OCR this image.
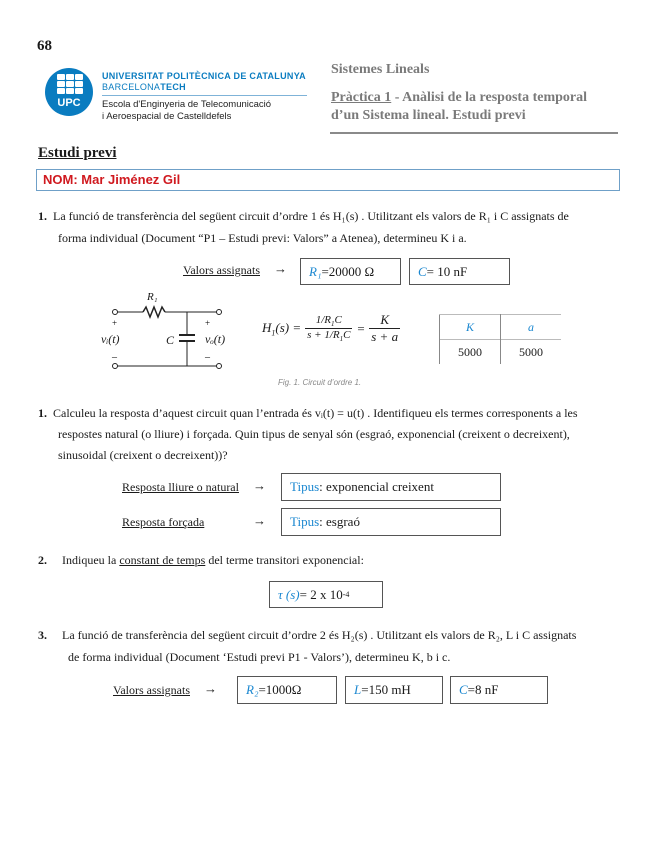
68
UPC
UNIVERSITAT POLITÈCNICA DE CATALUNYA
BARCELONATECH
Escola d'Enginyeria de Telecomunicació
i Aeroespacial de Castelldefels
Sistemes Lineals
Pràctica 1 - Anàlisi de la resposta temporal
d’un Sistema lineal. Estudi previ
Estudi previ
NOM: Mar Jiménez Gil
1. La funció de transferència del següent circuit d’ordre 1 és H₁(s) . Utilitzant els valors de R₁ i C assignats de
forma individual (Document “P1 – Estudi previ: Valors” a Atenea), determineu K i a.
Valors assignats → R₁ =20000 Ω	C = 10 nF
+	+
–	–
R₁
vᵢ(t)	C	vₒ(t)
$H_1(s) = \frac{1/R_1C}{s + 1/R_1C} = \frac{K}{s + a}$	K	a
5000	5000
Fig. 1. Circuit d’ordre 1.
1. Calculeu la resposta d’aquest circuit quan l’entrada és vᵢ(t) = u(t) . Identifiqueu els termes corresponents a les
respostes natural (o lliure) i forçada. Quin tipus de senyal són (esgraó, exponencial (creixent o decreixent),
sinusoidal (creixent o decreixent))?
Resposta lliure o natural → Tipus : exponencial creixent
Resposta forçada	→ Tipus : esgraó
2. Indiqueu la constant de temps del terme transitori exponencial:
τ (s) = 2 x 10 -4
3. La funció de transferència del següent circuit d’ordre 2 és H₂(s) . Utilitzant els valors de R₂, L i C assignats
de forma individual (Document ‘Estudi previ P1 - Valors’), determineu K, b i c.
Valors assignats → R₂ =1000Ω	L =150 mH	C =8 nF
